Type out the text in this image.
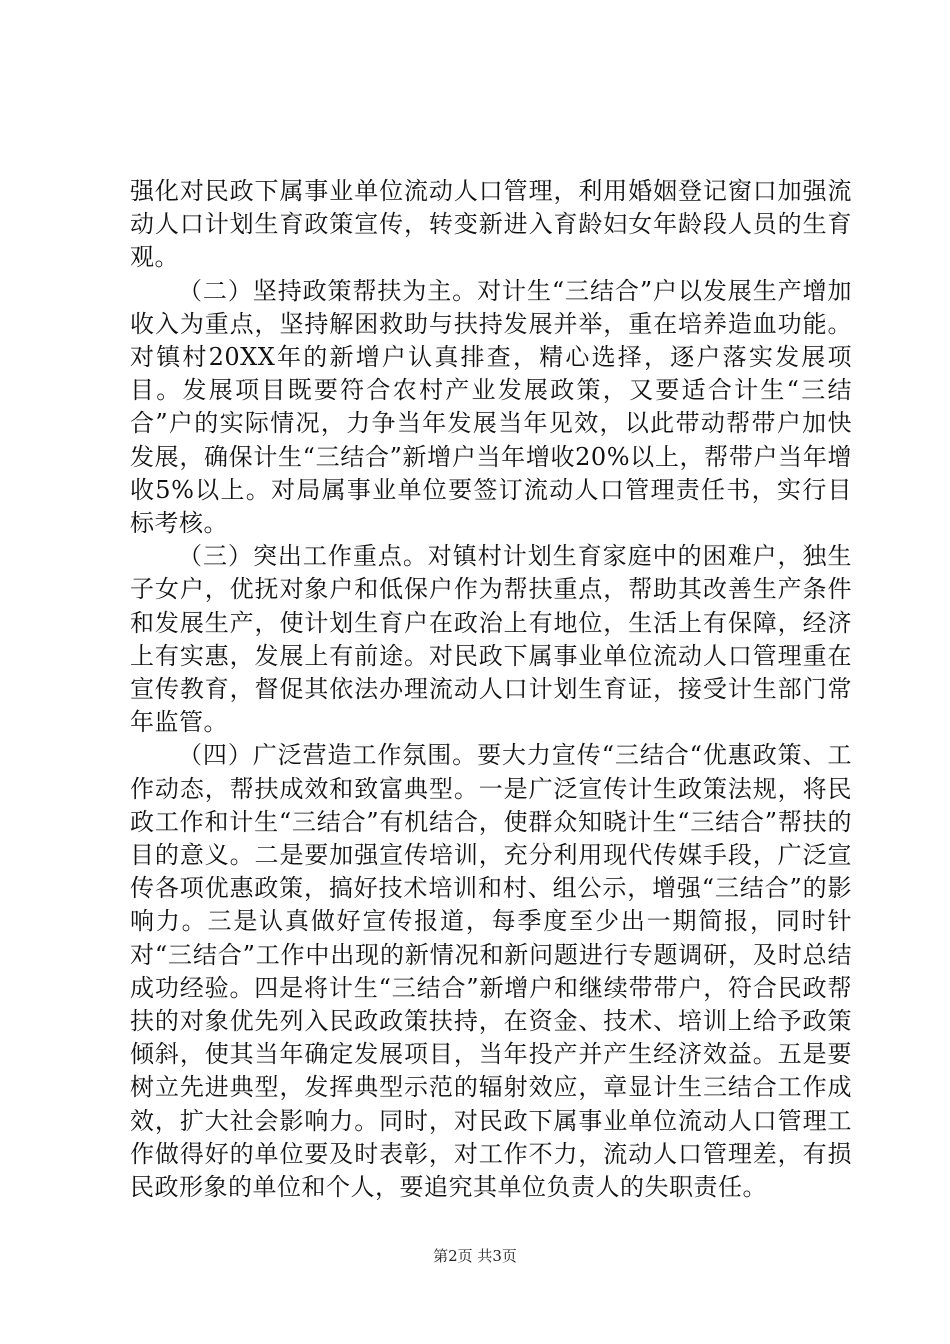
强化对民政下属事业单位流动人口管理，利用婚姻登记窗口加强流动人口计划生育政策宣传，转变新进入育龄妇女年龄段人员的生育观。

（二）坚持政策帮扶为主。对计生“三结合”户以发展生产增加收入为重点，坚持解困救助与扶持发展并举，重在培养造血功能。对镇村20XX年的新增户认真排查，精心选择，逐户落实发展项目。发展项目既要符合农村产业发展政策，又要适合计生“三结合”户的实际情况，力争当年发展当年见效，以此带动帮带户加快发展，确保计生“三结合”新增户当年增收20%以上，帮带户当年增收5%以上。对局属事业单位要签订流动人口管理责任书，实行目标考核。

（三）突出工作重点。对镇村计划生育家庭中的困难户，独生子女户，优抚对象户和低保户作为帮扶重点，帮助其改善生产条件和发展生产，使计划生育户在政治上有地位，生活上有保障，经济上有实惠，发展上有前途。对民政下属事业单位流动人口管理重在宣传教育，督促其依法办理流动人口计划生育证，接受计生部门常年监管。

（四）广泛营造工作氛围。要大力宣传“三结合“优惠政策、工作动态，帮扶成效和致富典型。一是广泛宣传计生政策法规，将民政工作和计生“三结合”有机结合，使群众知晓计生“三结合”帮扶的目的意义。二是要加强宣传培训，充分利用现代传媒手段，广泛宣传各项优惠政策，搞好技术培训和村、组公示，增强“三结合”的影响力。三是认真做好宣传报道，每季度至少出一期简报，同时针对“三结合”工作中出现的新情况和新问题进行专题调研，及时总结成功经验。四是将计生“三结合”新增户和继续带带户，符合民政帮扶的对象优先列入民政政策扶持，在资金、技术、培训上给予政策倾斜，使其当年确定发展项目，当年投产并产生经济效益。五是要树立先进典型，发挥典型示范的辐射效应，章显计生三结合工作成效，扩大社会影响力。同时，对民政下属事业单位流动人口管理工作做得好的单位要及时表彰，对工作不力，流动人口管理差，有损民政形象的单位和个人，要追究其单位负责人的失职责任。

第2页 共3页
